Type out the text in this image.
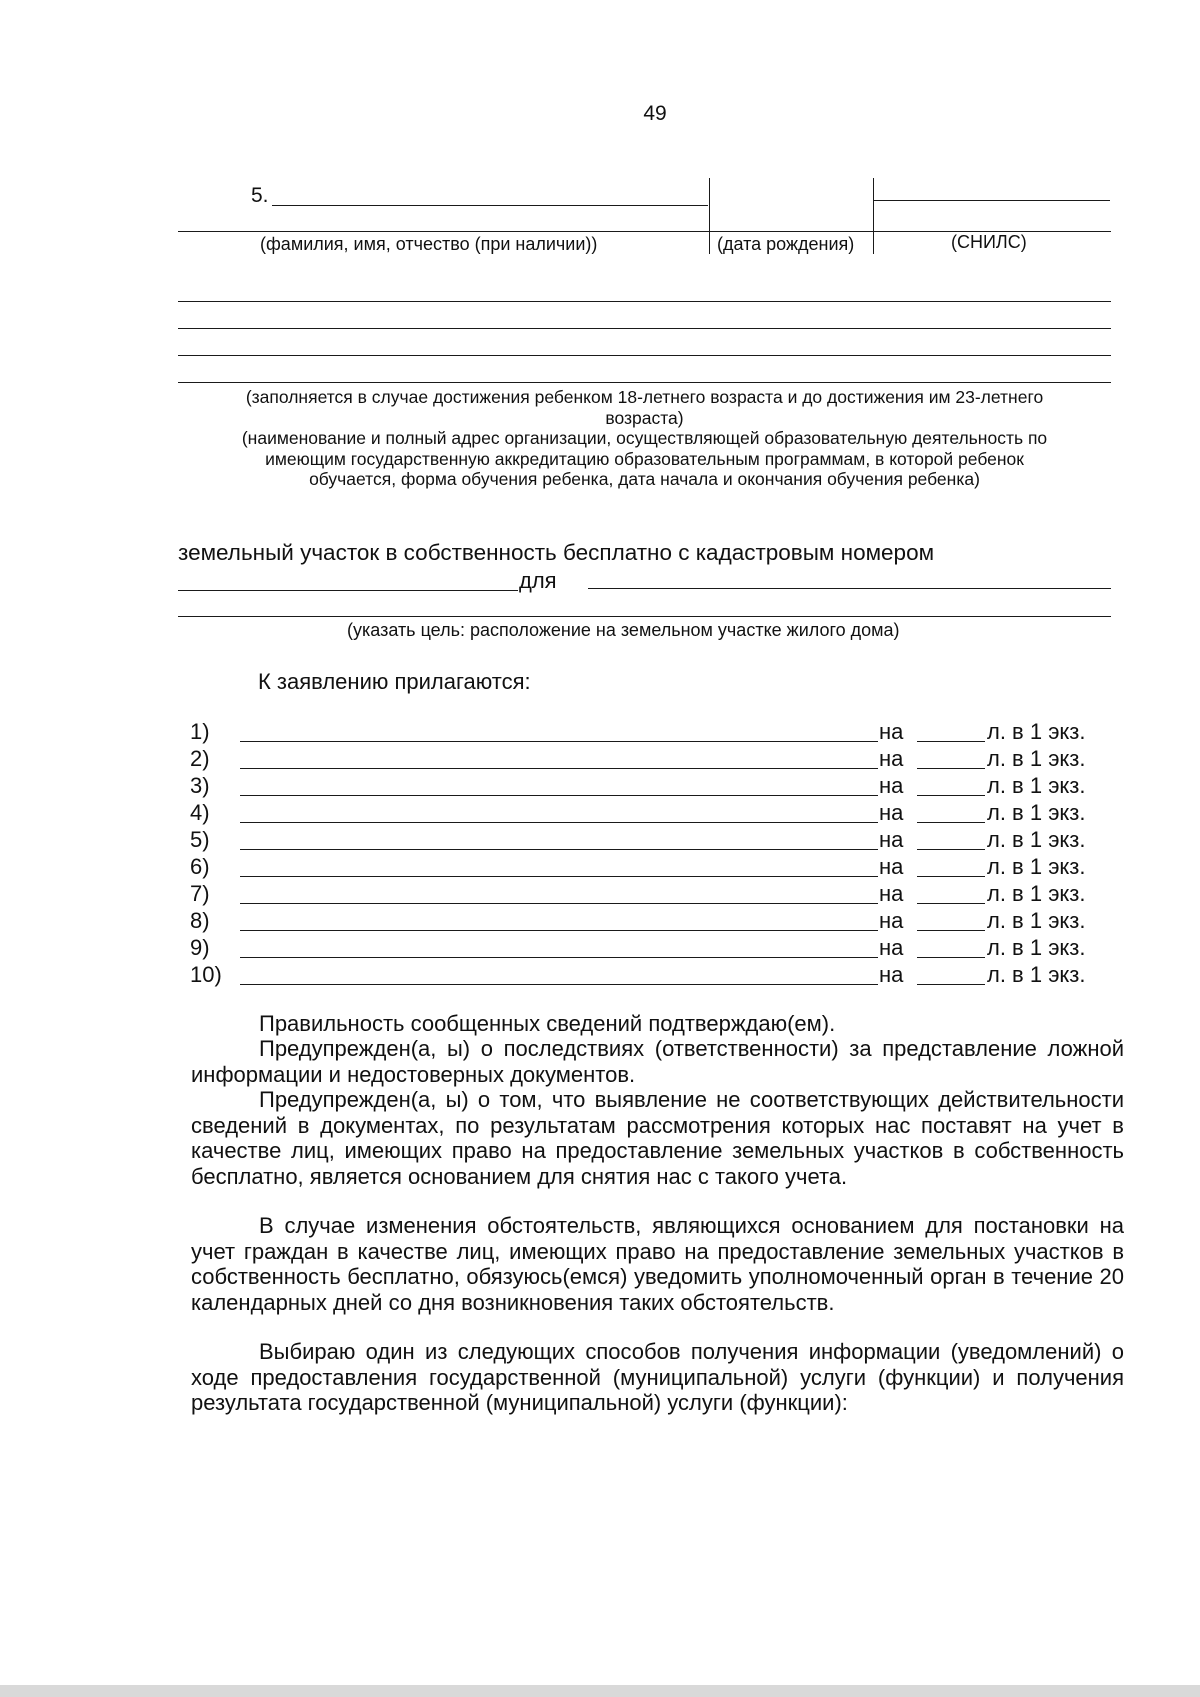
49
5.
(фамилия, имя, отчество (при наличии))	(дата рождения)	(СНИЛС)
(заполняется в случае достижения ребенком 18-летнего возраста и до достижения им 23-летнего
возраста)
(наименование и полный адрес организации, осуществляющей образовательную деятельность по
имеющим государственную аккредитацию образовательным программам, в которой ребенок
обучается, форма обучения ребенка, дата начала и окончания обучения ребенка)
земельный участок в собственность бесплатно с кадастровым номером
для
(указать цель: расположение на земельном участке жилого дома)
К заявлению прилагаются:
1)	на	л. в 1 экз.
2)	на	л. в 1 экз.
3)	на	л. в 1 экз.
4)	на	л. в 1 экз.
5)	на	л. в 1 экз.
6)	на	л. в 1 экз.
7)	на	л. в 1 экз.
8)	на	л. в 1 экз.
9)	на	л. в 1 экз.
10)	на	л. в 1 экз.
Правильность сообщенных сведений подтверждаю(ем).
Предупрежден(а, ы) о последствиях (ответственности) за представление ложной информации и недостоверных документов.
Предупрежден(а, ы) о том, что выявление не соответствующих действительности сведений в документах, по результатам рассмотрения которых нас поставят на учет в качестве лиц, имеющих право на предоставление земельных участков в собственность бесплатно, является основанием для снятия нас с такого учета.
В случае изменения обстоятельств, являющихся основанием для постановки на учет граждан в качестве лиц, имеющих право на предоставление земельных участков в собственность бесплатно, обязуюсь(емся) уведомить уполномоченный орган в течение 20 календарных дней со дня возникновения таких обстоятельств.
Выбираю один из следующих способов получения информации (уведомлений) о ходе предоставления государственной (муниципальной) услуги (функции) и получения результата государственной (муниципальной) услуги (функции):
